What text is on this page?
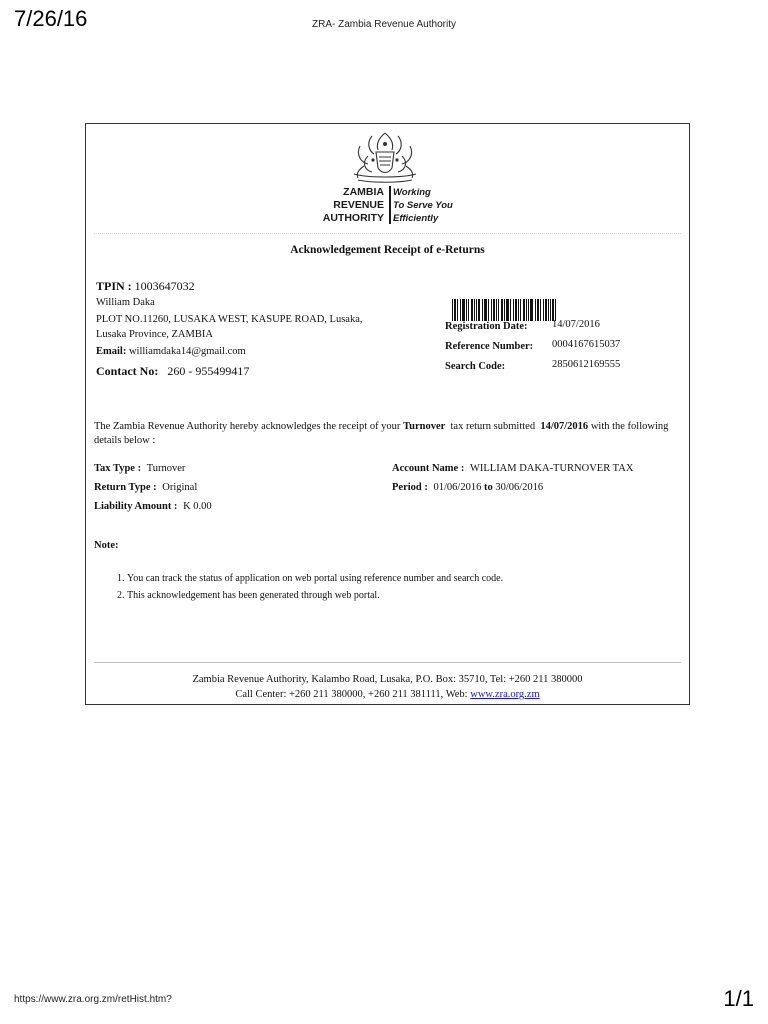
7/26/16	ZRA- Zambia Revenue Authority
ZAMBIA
REVENUE
AUTHORITY
Working
To Serve You
Efficiently
Acknowledgement Receipt of e-Returns
TPIN : 1003647032
William Daka
PLOT NO.11260, LUSAKA WEST, KASUPE ROAD, Lusaka,
Lusaka Province, ZAMBIA
Email: williamdaka14@gmail.com
Contact No: 260 - 955499417
Registration Date: 14/07/2016
Reference Number: 0004167615037
Search Code:	2850612169555
The Zambia Revenue Authority hereby acknowledges the receipt of your Turnover  tax return submitted  14/07/2016 with the following details below :
Tax Type : Turnover
Return Type : Original
Liability Amount : K 0.00
Account Name : WILLIAM DAKA-TURNOVER TAX
Period : 01/06/2016 to 30/06/2016
Note:
1. You can track the status of application on web portal using reference number and search code.
2. This acknowledgement has been generated through web portal.
Zambia Revenue Authority, Kalambo Road, Lusaka, P.O. Box: 35710, Tel: +260 211 380000
Call Center: +260 211 380000, +260 211 381111, Web: www.zra.org.zm
https://www.zra.org.zm/retHist.htm?	1/1
